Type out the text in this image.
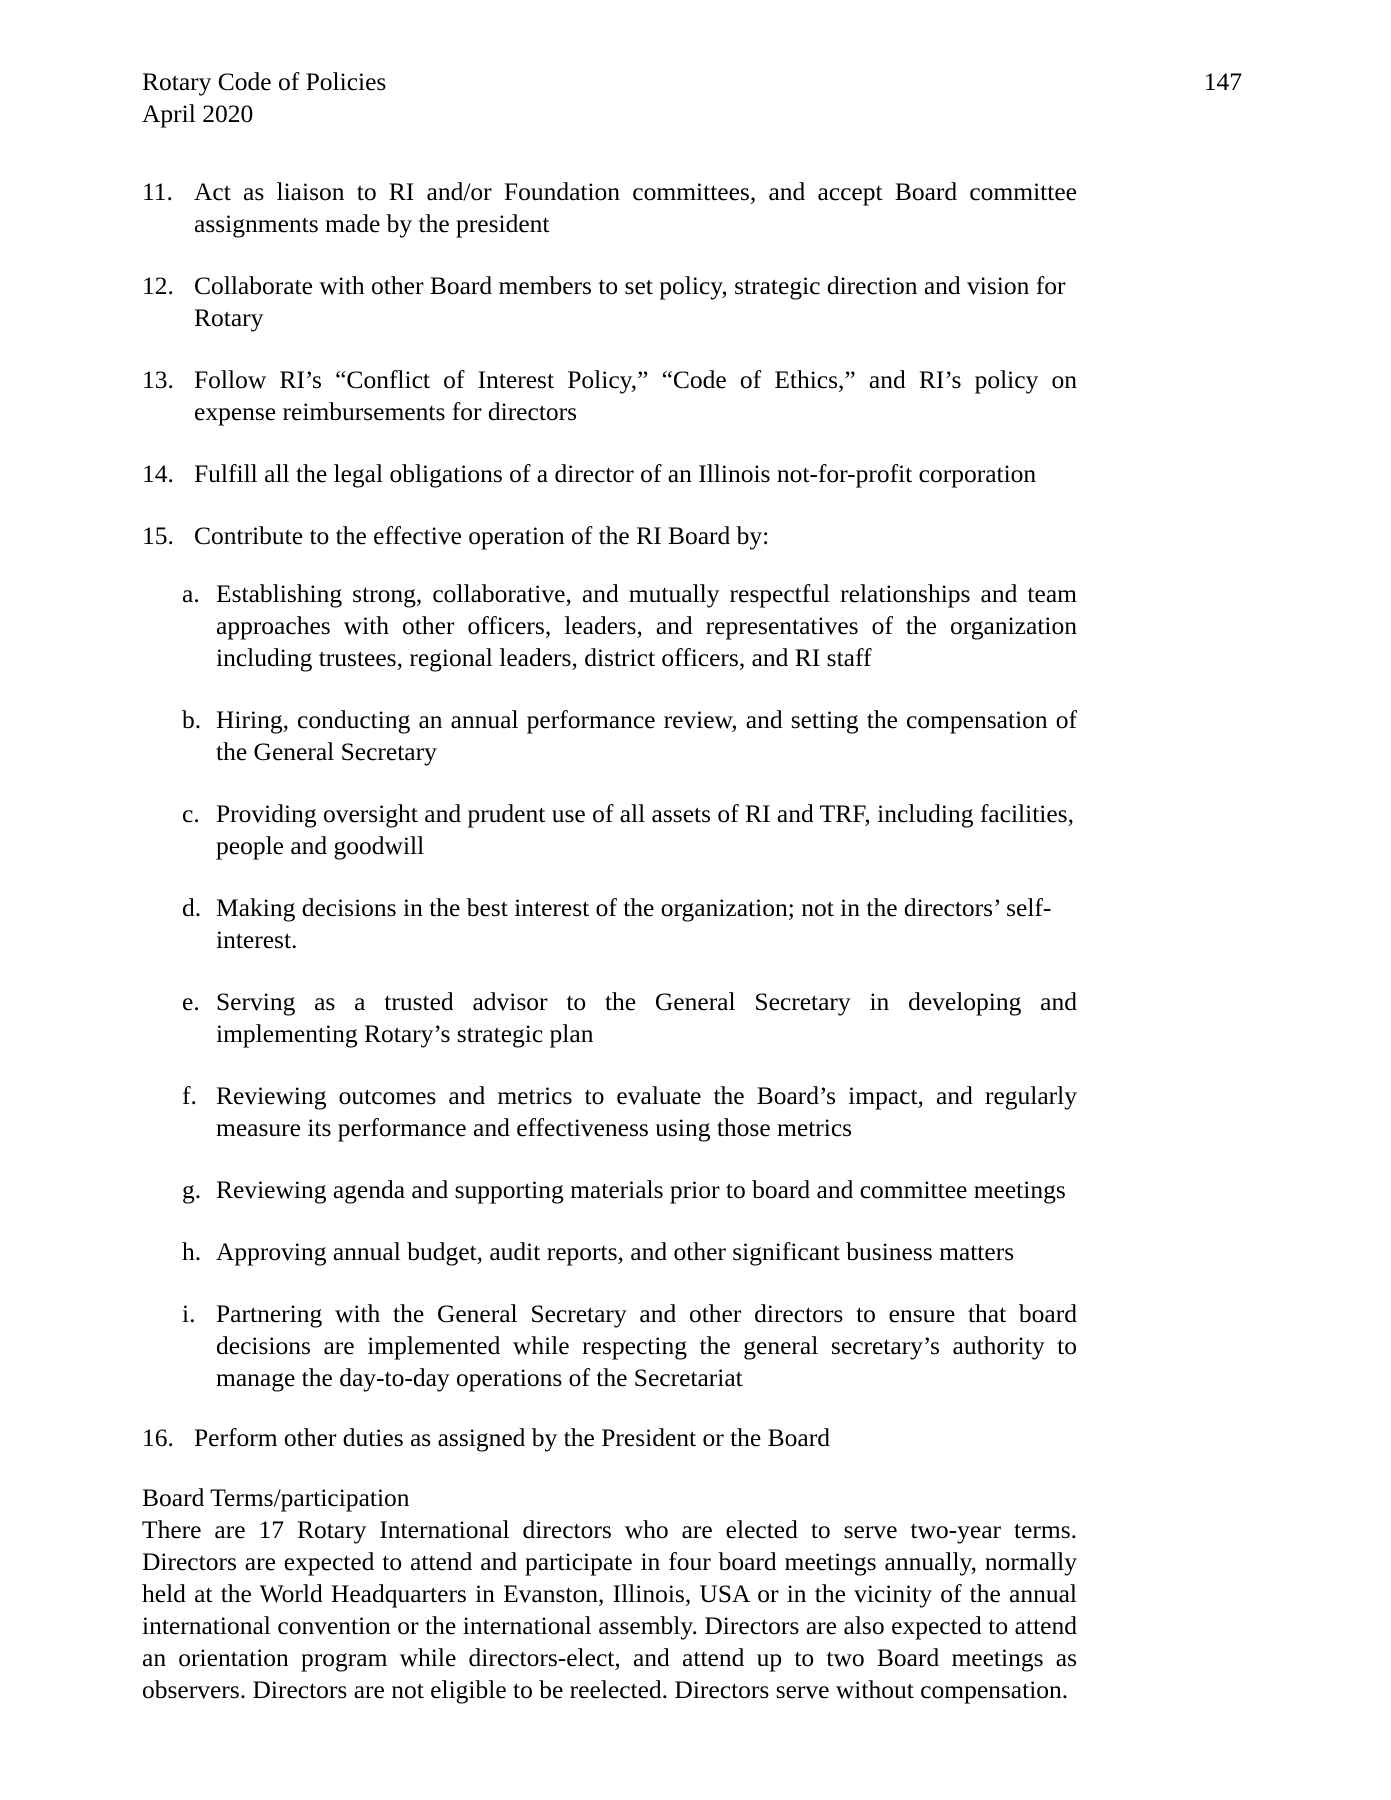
Rotary Code of Policies	147
April 2020
11. Act as liaison to RI and/or Foundation committees, and accept Board committee assignments made by the president
12. Collaborate with other Board members to set policy, strategic direction and vision for Rotary
13. Follow RI’s “Conflict of Interest Policy,” “Code of Ethics,” and RI’s policy on expense reimbursements for directors
14. Fulfill all the legal obligations of a director of an Illinois not-for-profit corporation
15. Contribute to the effective operation of the RI Board by:
a. Establishing strong, collaborative, and mutually respectful relationships and team approaches with other officers, leaders, and representatives of the organization including trustees, regional leaders, district officers, and RI staff
b. Hiring, conducting an annual performance review, and setting the compensation of the General Secretary
c. Providing oversight and prudent use of all assets of RI and TRF, including facilities, people and goodwill
d. Making decisions in the best interest of the organization; not in the directors’ self-interest.
e. Serving as a trusted advisor to the General Secretary in developing and implementing Rotary’s strategic plan
f. Reviewing outcomes and metrics to evaluate the Board’s impact, and regularly measure its performance and effectiveness using those metrics
g. Reviewing agenda and supporting materials prior to board and committee meetings
h. Approving annual budget, audit reports, and other significant business matters
i. Partnering with the General Secretary and other directors to ensure that board decisions are implemented while respecting the general secretary’s authority to manage the day-to-day operations of the Secretariat
16. Perform other duties as assigned by the President or the Board
Board Terms/participation
There are 17 Rotary International directors who are elected to serve two-year terms. Directors are expected to attend and participate in four board meetings annually, normally held at the World Headquarters in Evanston, Illinois, USA or in the vicinity of the annual international convention or the international assembly. Directors are also expected to attend an orientation program while directors-elect, and attend up to two Board meetings as observers. Directors are not eligible to be reelected. Directors serve without compensation.
